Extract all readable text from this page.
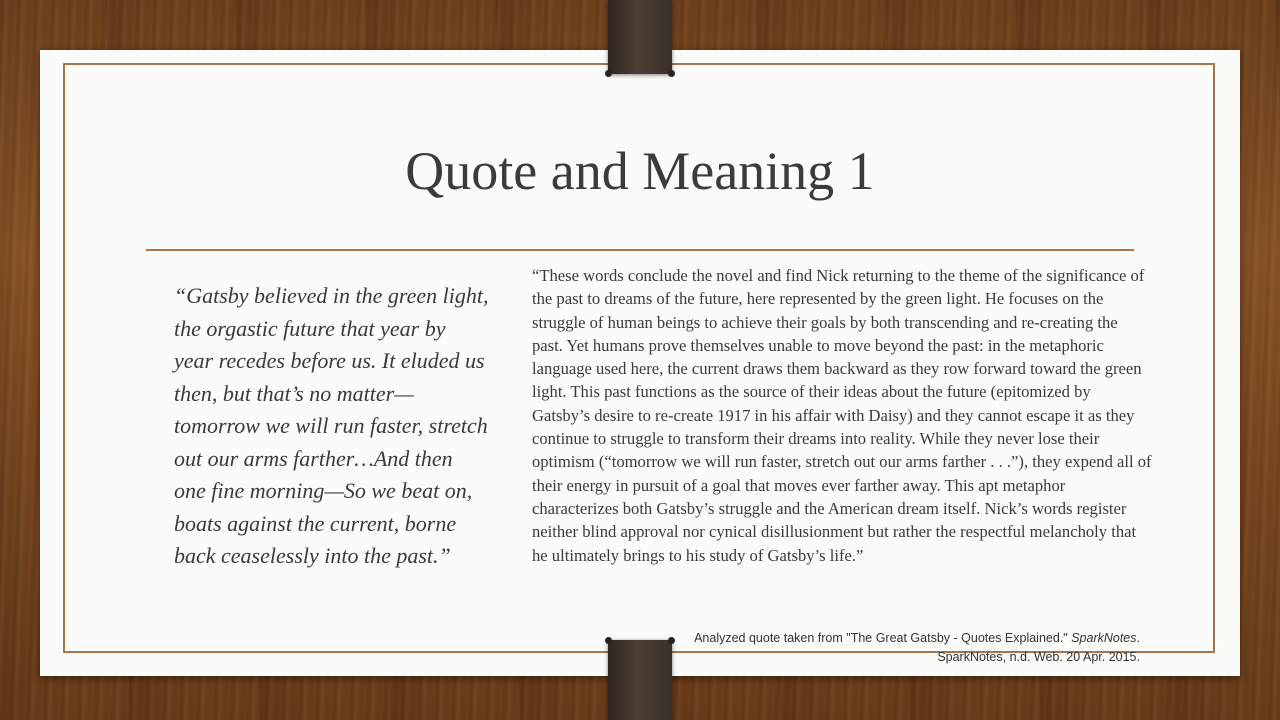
Quote and Meaning 1
“Gatsby believed in the green light, the orgastic future that year by year recedes before us. It eluded us then, but that’s no matter—tomorrow we will run faster, stretch out our arms farther…And then one fine morning—So we beat on, boats against the current, borne back ceaselessly into the past.”
“These words conclude the novel and find Nick returning to the theme of the significance of the past to dreams of the future, here represented by the green light. He focuses on the struggle of human beings to achieve their goals by both transcending and re-creating the past. Yet humans prove themselves unable to move beyond the past: in the metaphoric language used here, the current draws them backward as they row forward toward the green light. This past functions as the source of their ideas about the future (epitomized by Gatsby’s desire to re-create 1917 in his affair with Daisy) and they cannot escape it as they continue to struggle to transform their dreams into reality. While they never lose their optimism (“tomorrow we will run faster, stretch out our arms farther . . .”), they expend all of their energy in pursuit of a goal that moves ever farther away. This apt metaphor characterizes both Gatsby’s struggle and the American dream itself. Nick’s words register neither blind approval nor cynical disillusionment but rather the respectful melancholy that he ultimately brings to his study of Gatsby’s life.”
Analyzed quote taken from "The Great Gatsby - Quotes Explained." SparkNotes. SparkNotes, n.d. Web. 20 Apr. 2015.
